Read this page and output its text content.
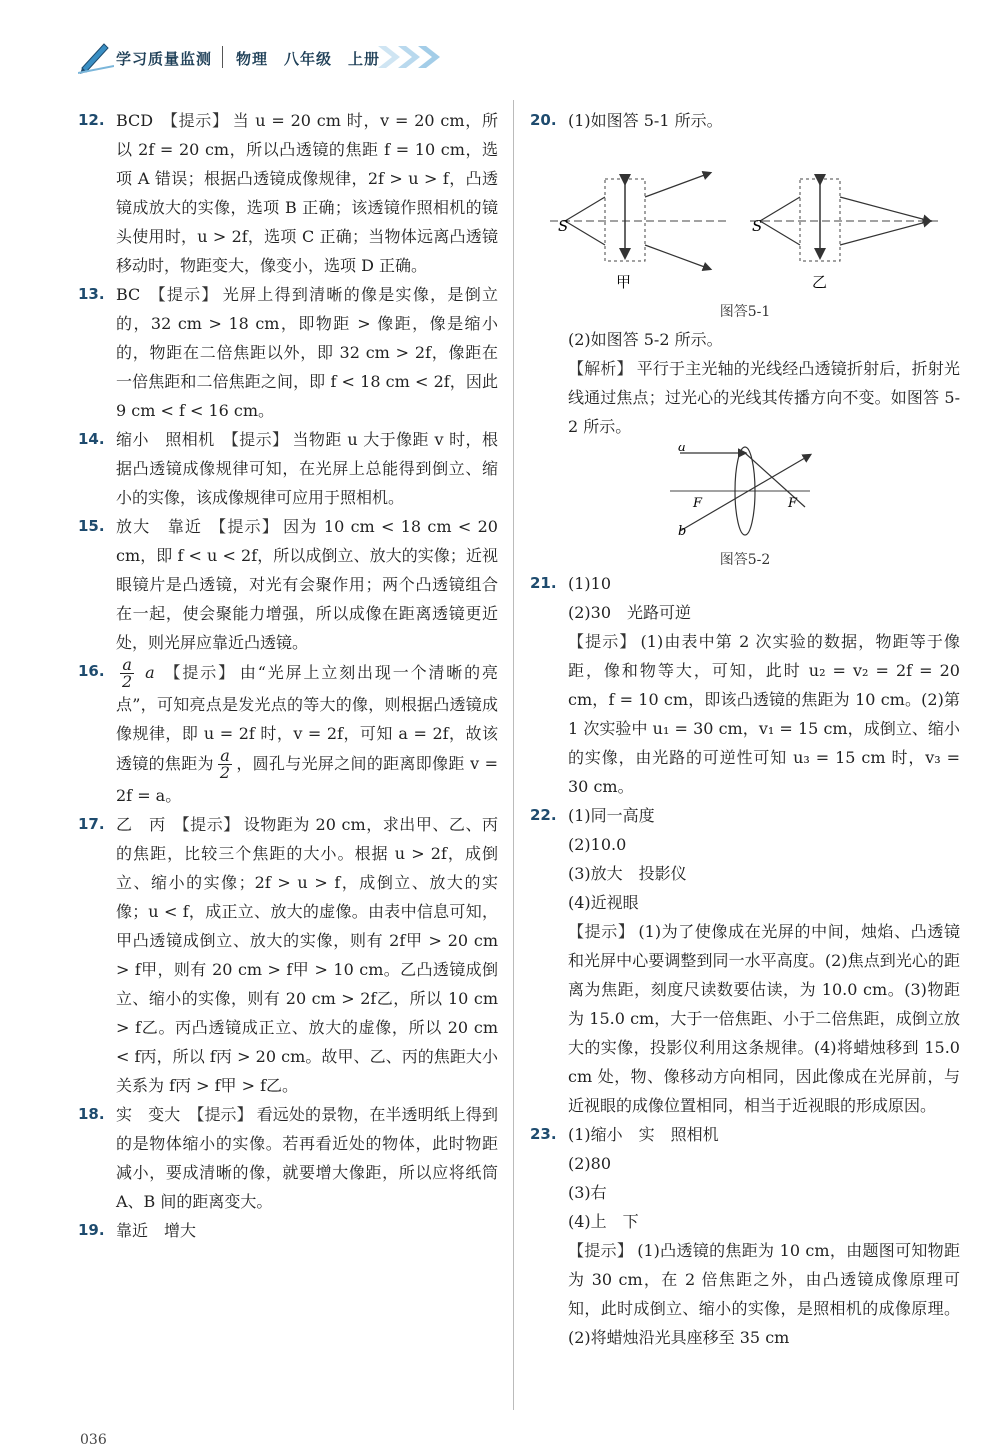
学习质量监测 物理　八年级　上册
12. BCD 【提示】 当 u = 20 cm 时，v = 20 cm，所以 2f = 20 cm，所以凸透镜的焦距 f = 10 cm，选项 A 错误；根据凸透镜成像规律，2f > u > f，凸透镜成放大的实像，选项 B 正确；该透镜作照相机的镜头使用时，u > 2f，选项 C 正确；当物体远离凸透镜移动时，物距变大，像变小，选项 D 正确。
13. BC 【提示】 光屏上得到清晰的像是实像，是倒立的，32 cm > 18 cm，即物距 > 像距，像是缩小的，物距在二倍焦距以外，即 32 cm > 2f，像距在一倍焦距和二倍焦距之间，即 f < 18 cm < 2f，因此 9 cm < f < 16 cm。
14. 缩小　照相机 【提示】 当物距 u 大于像距 v 时，根据凸透镜成像规律可知，在光屏上总能得到倒立、缩小的实像，该成像规律可应用于照相机。
15. 放大　靠近 【提示】 因为 10 cm < 18 cm < 20 cm，即 f < u < 2f，所以成倒立、放大的实像；近视眼镜片是凸透镜，对光有会聚作用；两个凸透镜组合在一起，使会聚能力增强，所以成像在距离透镜更近处，则光屏应靠近凸透镜。
16. $\frac{a}{2}$ a 【提示】 由“光屏上立刻出现一个清晰的亮点”，可知亮点是发光点的等大的像，则根据凸透镜成像规律，即 u = 2f 时，v = 2f，可知 a = 2f，故该透镜的焦距为 $\frac{a}{2}$ ，圆孔与光屏之间的距离即像距 v = 2f = a。
17. 乙　丙 【提示】 设物距为 20 cm，求出甲、乙、丙的焦距，比较三个焦距的大小。根据 u > 2f，成倒立、缩小的实像；2f > u > f，成倒立、放大的实像；u < f，成正立、放大的虚像。由表中信息可知，甲凸透镜成倒立、放大的实像，则有 2f甲 > 20 cm > f甲，则有 20 cm > f甲 > 10 cm。乙凸透镜成倒立、缩小的实像，则有 20 cm > 2f乙，所以 10 cm > f乙。丙凸透镜成正立、放大的虚像，所以 20 cm < f丙，所以 f丙 > 20 cm。故甲、乙、丙的焦距大小关系为 f丙 > f甲 > f乙。
18. 实　变大 【提示】 看远处的景物，在半透明纸上得到的是物体缩小的实像。若再看近处的物体，此时物距减小，要成清晰的像，就要增大像距，所以应将纸筒 A、B 间的距离变大。
19. 靠近　增大
20. (1)如图答 5-1 所示。
S
甲
S
乙
图答5-1
(2)如图答 5-2 所示。
【解析】 平行于主光轴的光线经凸透镜折射后，折射光线通过焦点；过光心的光线其传播方向不变。如图答 5-2 所示。
a
b
F	F
图答5-2
21. (1)10
(2)30　光路可逆
【提示】 (1)由表中第 2 次实验的数据，物距等于像距，像和物等大，可知，此时 u₂ = v₂ = 2f = 20 cm，f = 10 cm，即该凸透镜的焦距为 10 cm。(2)第 1 次实验中 u₁ = 30 cm，v₁ = 15 cm，成倒立、缩小的实像，由光路的可逆性可知 u₃ = 15 cm 时，v₃ = 30 cm。
22. (1)同一高度
(2)10.0
(3)放大　投影仪
(4)近视眼
【提示】 (1)为了使像成在光屏的中间，烛焰、凸透镜和光屏中心要调整到同一水平高度。(2)焦点到光心的距离为焦距，刻度尺读数要估读，为 10.0 cm。(3)物距为 15.0 cm，大于一倍焦距、小于二倍焦距，成倒立放大的实像，投影仪利用这条规律。(4)将蜡烛移到 15.0 cm 处，物、像移动方向相同，因此像成在光屏前，与近视眼的成像位置相同，相当于近视眼的形成原因。
23. (1)缩小　实　照相机
(2)80
(3)右
(4)上　下
【提示】 (1)凸透镜的焦距为 10 cm，由题图可知物距为 30 cm，在 2 倍焦距之外，由凸透镜成像原理可知，此时成倒立、缩小的实像，是照相机的成像原理。(2)将蜡烛沿光具座移至 35 cm
036
